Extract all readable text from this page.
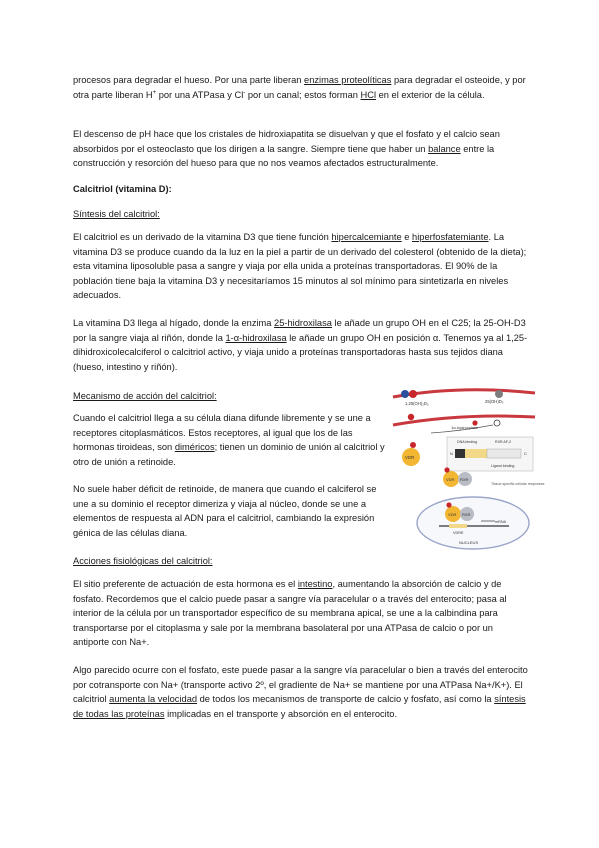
procesos para degradar el hueso. Por una parte liberan enzimas proteolíticas para degradar el osteoide, y por otra parte liberan H+ por una ATPasa y Cl- por un canal; estos forman HCl en el exterior de la célula.

El descenso de pH hace que los cristales de hidroxiapatita se disuelvan y que el fosfato y el calcio sean absorbidos por el osteoclasto que los dirigen a la sangre. Siempre tiene que haber un balance entre la construcción y resorción del hueso para que no nos veamos afectados estructuralmente.

Calcitriol (vitamina D):

Síntesis del calcitriol:

El calcitriol es un derivado de la vitamina D3 que tiene función hipercalcemiante e hiperfosfatemiante. La vitamina D3 se produce cuando da la luz en la piel a partir de un derivado del colesterol (obtenido de la dieta); esta vitamina liposoluble pasa a sangre y viaja por ella unida a proteínas transportadoras. El 90% de la población tiene baja la vitamina D3 y necesitaríamos 15 minutos al sol mínimo para sintetizarla en niveles adecuados.

La vitamina D3 llega al hígado, donde la enzima 25-hidroxilasa le añade un grupo OH en el C25; la 25-OH-D3 por la sangre viaja al riñón, donde la 1-α-hidroxilasa le añade un grupo OH en posición α. Tenemos ya al 1,25-dihidroxicolecalciferol o calcitriol activo, y viaja unido a proteínas transportadoras hasta sus tejidos diana (hueso, intestino y riñón).

Mecanismo de acción del calcitriol:

Cuando el calcitriol llega a su célula diana difunde libremente y se une a receptores citoplasmáticos. Estos receptores, al igual que los de las hormonas tiroideas, son diméricos; tienen un dominio de unión al calcitriol y otro de unión a retinoide.

No suele haber déficit de retinoide, de manera que cuando el calciferol se une a su dominio el receptor dimeriza y viaja al núcleo, donde se une a elementos de respuesta al ADN para el calcitriol, cambiando la expresión génica de las células diana.

Acciones fisiológicas del calcitriol:

El sitio preferente de actuación de esta hormona es el intestino, aumentando la absorción de calcio y de fosfato. Recordemos que el calcio puede pasar a sangre vía paracelular o a través del enterocito; pasa al interior de la célula por un transportador específico de su membrana apical, se une a la calbindina para transportarse por el citoplasma y sale por la membrana basolateral por una ATPasa de calcio o por un antiporte con Na+.

Algo parecido ocurre con el fosfato, este puede pasar a la sangre vía paracelular o bien a través del enterocito por cotransporte con Na+ (transporte activo 2º, el gradiente de Na+ se mantiene por una ATPasa Na+/K+). El calcitriol aumenta la velocidad de todos los mecanismos de transporte de calcio y fosfato, así como la síntesis de todas las proteínas implicadas en el transporte y absorción en el enterocito.

1,25(OH)₂D₃	25(OH)D₃
1α-hydroxylase
DNA binding	RXR AF-2
N	C
Ligand binding
VDR
VDR RXR
Tissue specific cellular responses
VDR RXR
VDRE
mRNA
NUCLEUS
